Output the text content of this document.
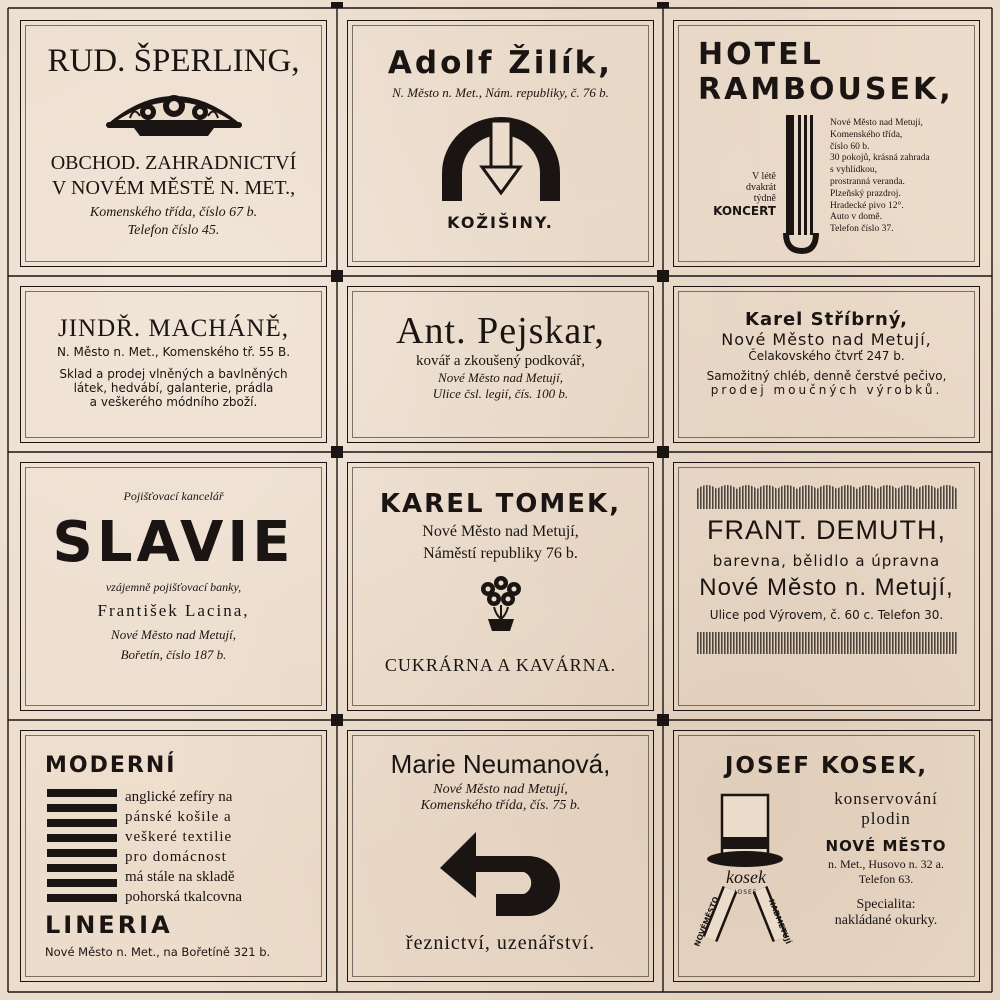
RUD. ŠPERLING,
OBCHOD. ZAHRADNICTVÍ
V NOVÉM MĚSTĚ N. MET.,
Komenského třída, číslo 67 b.
Telefon číslo 45.
Adolf Žilík,
N. Město n. Met., Nám. republiky, č. 76 b.
KOŽIŠINY.
HOTEL
RAMBOUSEK,
V létě
dvakrát
týdně
KONCERT
Nové Město nad Metují,
Komenského třída,
číslo 60 b.
30 pokojů, krásná zahrada
s vyhlídkou,
prostranná veranda.
Plzeňský prazdroj.
Hradecké pivo 12°.
Auto v domě.
Telefon číslo 37.
JINDŘ. MACHÁNĚ,
N. Město n. Met., Komenského tř. 55 B.
Sklad a prodej vlněných a bavlněných
látek, hedvábí, galanterie, prádla
a veškerého módního zboží.
Ant. Pejskar,
kovář a zkoušený podkovář,
Nové Město nad Metují,
Ulice čsl. legií, čís. 100 b.
Karel Stříbrný,
Nové Město nad Metují,
Čelakovského čtvrť 247 b.
Samožitný chléb, denně čerstvé pečivo,
prodej moučných výrobků.
Pojišťovací kancelář
SLAVIE
vzájemně pojišťovací banky,
František Lacina,
Nové Město nad Metují,
Bořetín, číslo 187 b.
KAREL TOMEK,
Nové Město nad Metují,
Náměstí republiky 76 b.
CUKRÁRNA A KAVÁRNA.
FRANT. DEMUTH,
barevna, bělidlo a úpravna
Nové Město n. Metují,
Ulice pod Výrovem, č. 60 c. Telefon 30.
MODERNÍ
anglické zefíry na
pánské košile a
veškeré textilie
pro domácnost
má stále na skladě
pohorská tkalcovna
LINERIA
Nové Město n. Met., na Bořetíně 321 b.
Marie Neumanová,
Nové Město nad Metují,
Komenského třída, čís. 75 b.
řeznictví, uzenářství.
JOSEF KOSEK,
kosek
JOSEF
NOVÉMĚSTO	NADMETUJÍ
konservování
plodin
NOVÉ MĚSTO
n. Met., Husovo n. 32 a.
Telefon 63.
Specialita:
nakládané okurky.
